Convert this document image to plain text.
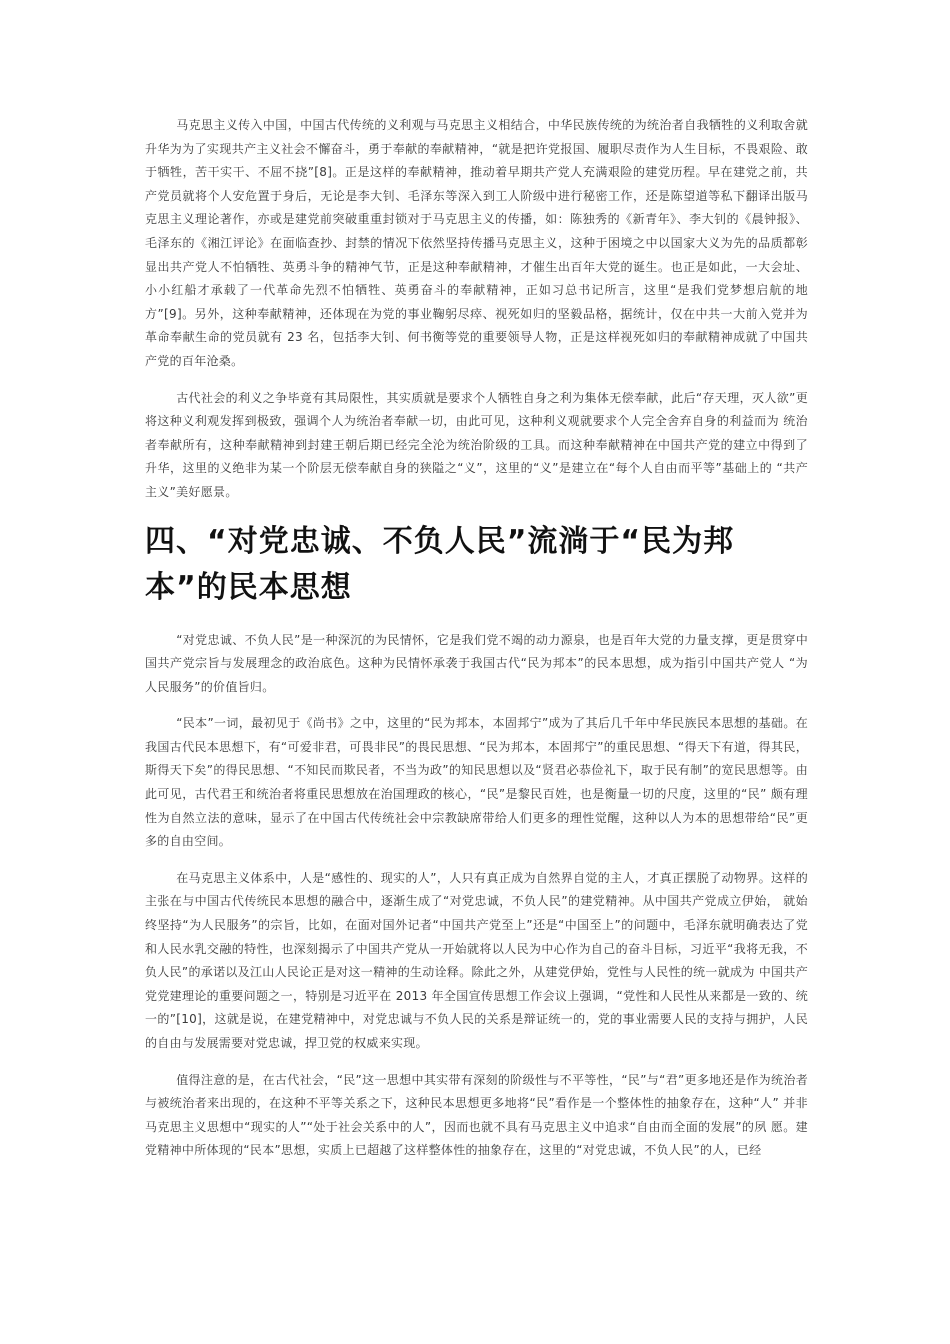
马克思主义传入中国，中国古代传统的义利观与马克思主义相结合，中华民族传统的为统治者自我牺牲的义利取舍就升华为为了实现共产主义社会不懈奋斗，勇于奉献的奉献精神，“就是把许党报国、履职尽责作为人生目标，不畏艰险、敢于牺牲，苦干实干、不屈不挠”[8]。正是这样的奉献精神，推动着早期共产党人充满艰险的建党历程。早在建党之前，共产党员就将个人安危置于身后，无论是李大钊、毛泽东等深入到工人阶级中进行秘密工作，还是陈望道等私下翻译出版马克思主义理论著作，亦或是建党前突破重重封锁对于马克思主义的传播，如：陈独秀的《新青年》、李大钊的《晨钟报》、毛泽东的《湘江评论》在面临查抄、封禁的情况下依然坚持传播马克思主义，这种于困境之中以国家大义为先的品质都彰显出共产党人不怕牺牲、英勇斗争的精神气节，正是这种奉献精神，才催生出百年大党的诞生。也正是如此，一大会址、小小红船才承载了一代革命先烈不怕牺牲、英勇奋斗的奉献精神，正如习总书记所言，这里“是我们党梦想启航的地方”[9]。另外，这种奉献精神，还体现在为党的事业鞠躬尽瘁、视死如归的坚毅品格，据统计，仅在中共一大前入党并为革命奉献生命的党员就有 23 名，包括李大钊、何书衡等党的重要领导人物，正是这样视死如归的奉献精神成就了中国共产党的百年沧桑。

古代社会的利义之争毕竟有其局限性，其实质就是要求个人牺牲自身之利为集体无偿奉献，此后“存天理，灭人欲”更将这种义利观发挥到极致，强调个人为统治者奉献一切，由此可见，这种利义观就要求个人完全舍弃自身的利益而为 统治者奉献所有，这种奉献精神到封建王朝后期已经完全沦为统治阶级的工具。而这种奉献精神在中国共产党的建立中得到了升华，这里的义绝非为某一个阶层无偿奉献自身的狭隘之“义”，这里的“义”是建立在“每个人自由而平等”基础上的 “共产主义”美好愿景。

四、“对党忠诚、不负人民”流淌于“民为邦本”的民本思想

“对党忠诚、不负人民”是一种深沉的为民情怀，它是我们党不竭的动力源泉，也是百年大党的力量支撑，更是贯穿中国共产党宗旨与发展理念的政治底色。这种为民情怀承袭于我国古代“民为邦本”的民本思想，成为指引中国共产党人 “为人民服务”的价值旨归。

“民本”一词，最初见于《尚书》之中，这里的“民为邦本，本固邦宁”成为了其后几千年中华民族民本思想的基础。在我国古代民本思想下，有“可爱非君，可畏非民”的畏民思想、“民为邦本，本固邦宁”的重民思想、“得天下有道，得其民，斯得天下矣”的得民思想、“不知民而欺民者，不当为政”的知民思想以及“贤君必恭俭礼下，取于民有制”的宽民思想等。由此可见，古代君王和统治者将重民思想放在治国理政的核心，“民”是黎民百姓，也是衡量一切的尺度，这里的“民” 颇有理性为自然立法的意味，显示了在中国古代传统社会中宗教缺席带给人们更多的理性觉醒，这种以人为本的思想带给“民”更多的自由空间。

在马克思主义体系中，人是“感性的、现实的人”，人只有真正成为自然界自觉的主人，才真正摆脱了动物界。这样的主张在与中国古代传统民本思想的融合中，逐渐生成了“对党忠诚，不负人民”的建党精神。从中国共产党成立伊始， 就始终坚持“为人民服务”的宗旨，比如，在面对国外记者“中国共产党至上”还是“中国至上”的问题中，毛泽东就明确表达了党和人民水乳交融的特性，也深刻揭示了中国共产党从一开始就将以人民为中心作为自己的奋斗目标，习近平“我将无我，不负人民”的承诺以及江山人民论正是对这一精神的生动诠释。除此之外，从建党伊始，党性与人民性的统一就成为 中国共产党党建理论的重要问题之一，特别是习近平在 2013 年全国宣传思想工作会议上强调，“党性和人民性从来都是一致的、统一的”[10]，这就是说，在建党精神中，对党忠诚与不负人民的关系是辩证统一的，党的事业需要人民的支持与拥护，人民的自由与发展需要对党忠诚，捍卫党的权威来实现。

值得注意的是，在古代社会，“民”这一思想中其实带有深刻的阶级性与不平等性，“民”与“君”更多地还是作为统治者与被统治者来出现的，在这种不平等关系之下，这种民本思想更多地将“民”看作是一个整体性的抽象存在，这种“人” 并非马克思主义思想中“现实的人”“处于社会关系中的人”，因而也就不具有马克思主义中追求“自由而全面的发展”的夙 愿。建党精神中所体现的“民本”思想，实质上已超越了这样整体性的抽象存在，这里的“对党忠诚，不负人民”的人，已经
